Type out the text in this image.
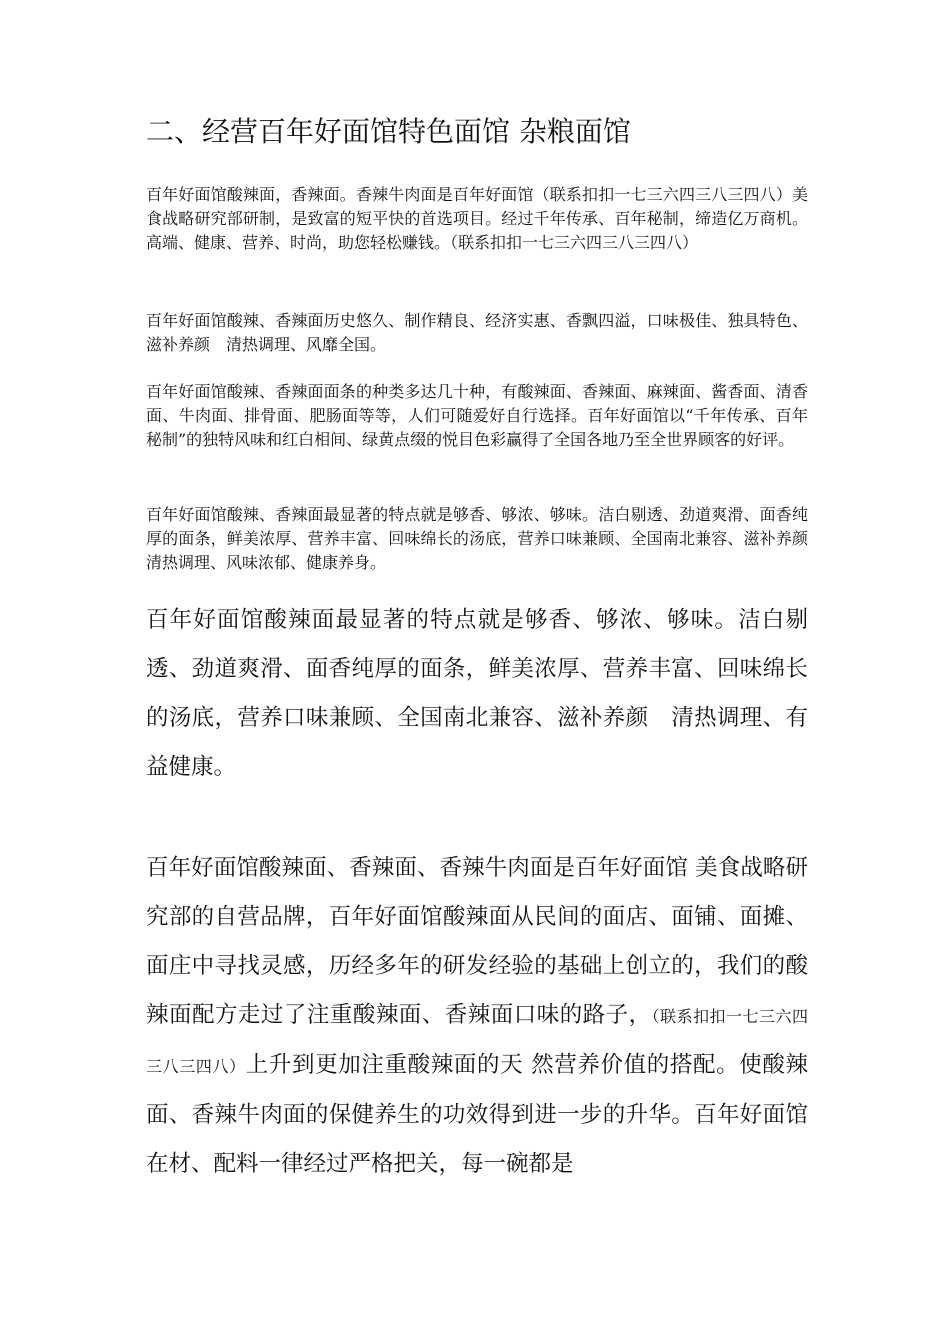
二、经营百年好面馆特色面馆 杂粮面馆
百年好面馆酸辣面，香辣面。香辣牛肉面是百年好面馆（联系扣扣一七三六四三八三四八）美食战略研究部研制，是致富的短平快的首选项目。经过千年传承、百年秘制，缔造亿万商机。高端、健康、营养、时尚，助您轻松赚钱。（联系扣扣一七三六四三八三四八）
百年好面馆酸辣、香辣面历史悠久、制作精良、经济实惠、香飘四溢，口味极佳、独具特色、滋补养颜　清热调理、风靡全国。
百年好面馆酸辣、香辣面面条的种类多达几十种，有酸辣面、香辣面、麻辣面、酱香面、清香面、牛肉面、排骨面、肥肠面等等，人们可随爱好自行选择。百年好面馆以“千年传承、百年秘制”的独特风味和红白相间、绿黄点缀的悦目色彩赢得了全国各地乃至全世界顾客的好评。
百年好面馆酸辣、香辣面最显著的特点就是够香、够浓、够味。洁白剔透、劲道爽滑、面香纯厚的面条，鲜美浓厚、营养丰富、回味绵长的汤底，营养口味兼顾、全国南北兼容、滋补养颜　清热调理、风味浓郁、健康养身。
百年好面馆酸辣面最显著的特点就是够香、够浓、够味。洁白剔透、劲道爽滑、面香纯厚的面条，鲜美浓厚、营养丰富、回味绵长的汤底，营养口味兼顾、全国南北兼容、滋补养颜　清热调理、有益健康。
百年好面馆酸辣面、香辣面、香辣牛肉面是百年好面馆 美食战略研究部的自营品牌，百年好面馆酸辣面从民间的面店、面铺、面摊、面庄中寻找灵感，历经多年的研发经验的基础上创立的，我们的酸辣面配方走过了注重酸辣面、香辣面口味的路子，（联系扣扣一七三六四三八三四八）上升到更加注重酸辣面的天 然营养价值的搭配。使酸辣面、香辣牛肉面的保健养生的功效得到进一步的升华。百年好面馆在材、配料一律经过严格把关，每一碗都是
